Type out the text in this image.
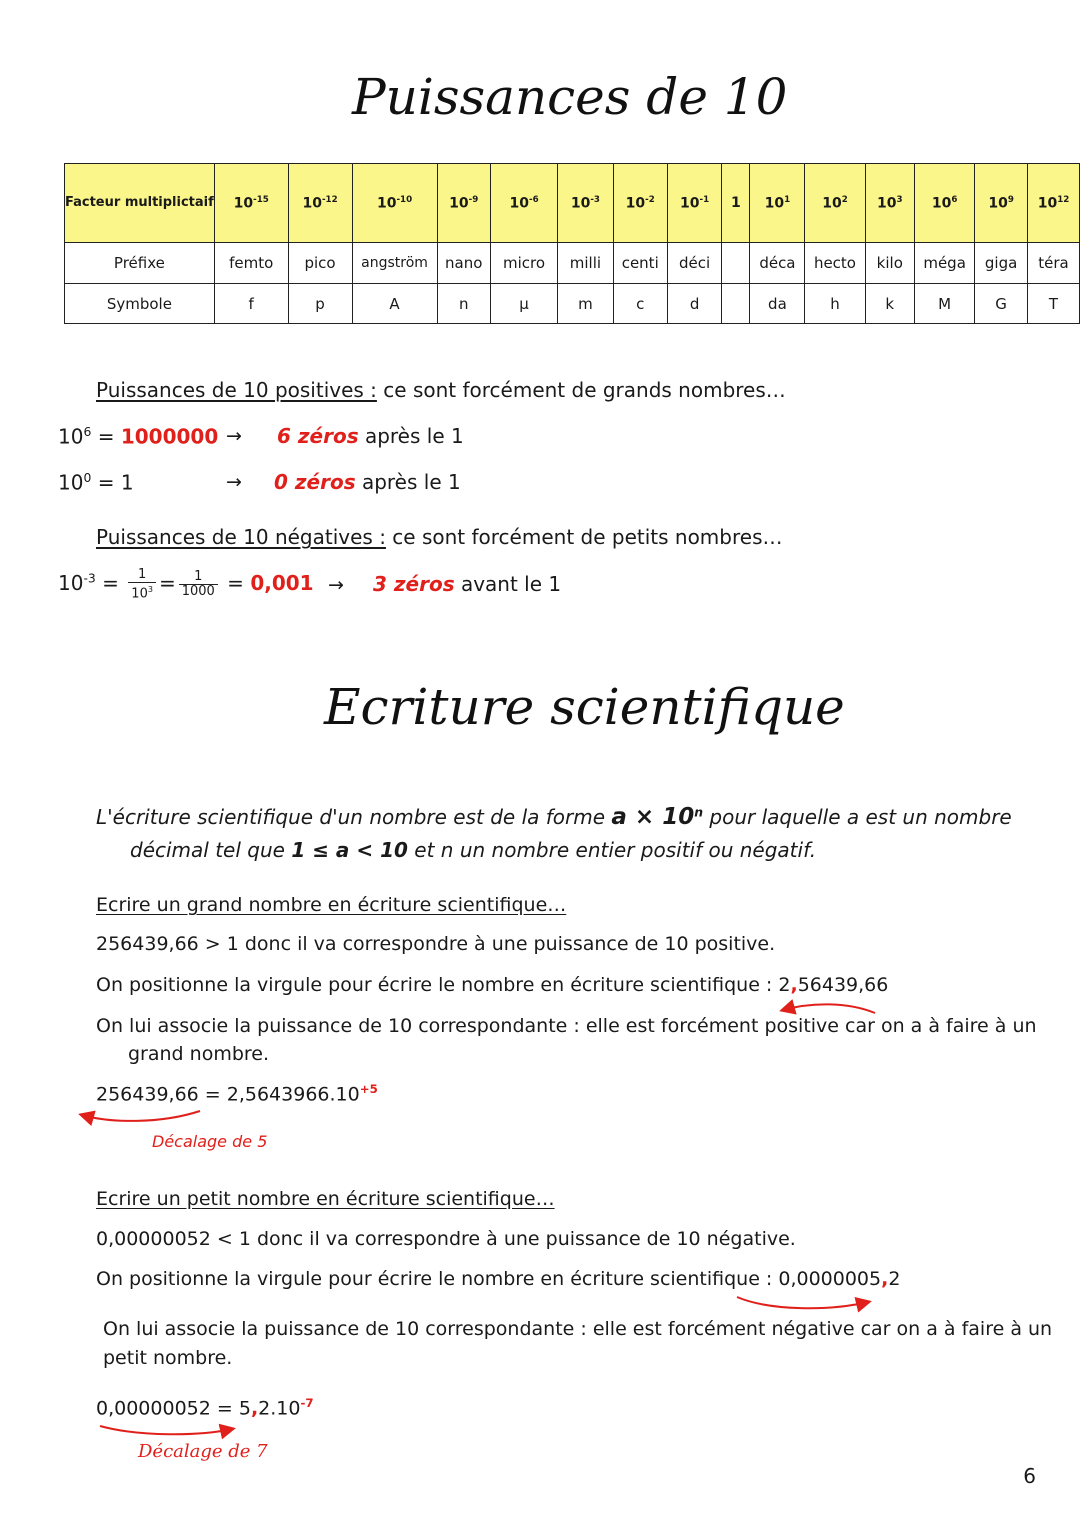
Puissances de 10
Facteur multiplictaif	$10^{-15}$	$10^{-12}$	$10^{-10}$	$10^{-9}$	$10^{-6}$	$10^{-3}$	$10^{-2}$	$10^{-1}$	1	$10^1$	$10^2$	$10^3$	$10^6$	$10^9$	$10^{12}$
Préfixe	femto	pico	angström	nano	micro	milli	centi	déci		déca	hecto	kilo	méga	giga	téra
Symbole	f	p	A	n	µ	m	c	d		da	h	k	M	G	T
Puissances de 10 positives : ce sont forcément de grands nombres…
$10^6 = 1000000 \to 6$ zéros après le 1
$10^0 = 1$	→ 0 zéros après le 1
Puissances de 10 négatives : ce sont forcément de petits nombres…
$10^{-3} = \frac{1}{10^3} = \frac{1}{1000} = 0,001 \to 3$ zéros avant le 1
Ecriture scientifique
L'écriture scientifique d'un nombre est de la forme $a \times 10^n$ pour laquelle a est un nombre
décimal tel que 1 ≤ a < 10 et n un nombre entier positif ou négatif.
Ecrire un grand nombre en écriture scientifique…
256439,66 > 1 donc il va correspondre à une puissance de 10 positive.
On positionne la virgule pour écrire le nombre en écriture scientifique : 2,56439,66
On lui associe la puissance de 10 correspondante : elle est forcément positive car on a à faire à un
grand nombre.
$256439,66 = 2,5643966.10^{+5}$
Décalage de 5
Ecrire un petit nombre en écriture scientifique…
0,00000052 < 1 donc il va correspondre à une puissance de 10 négative.
On positionne la virgule pour écrire le nombre en écriture scientifique : 0,0000005,2
On lui associe la puissance de 10 correspondante : elle est forcément négative car on a à faire à un
petit nombre.
$0,00000052 = 5,2.10^{-7}$
Décalage de 7
6
